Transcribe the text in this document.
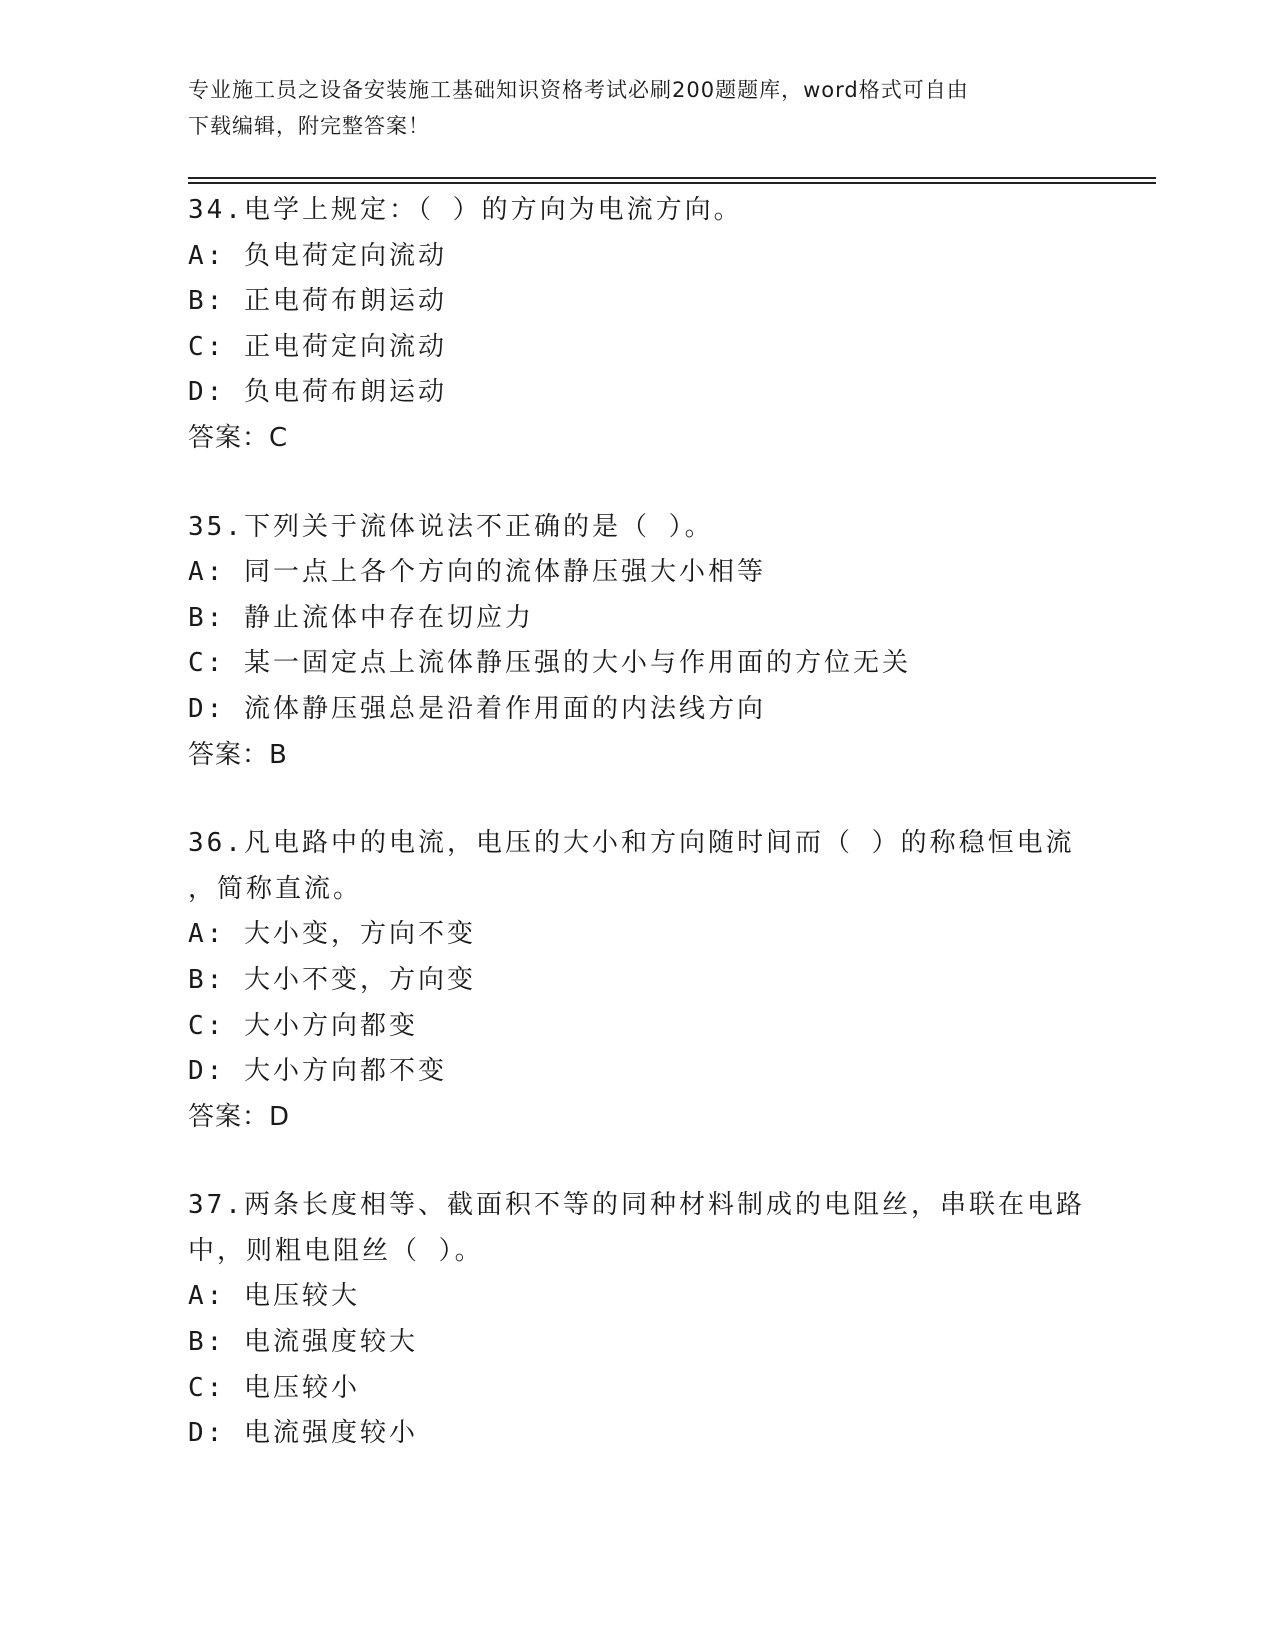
专业施工员之设备安装施工基础知识资格考试必刷200题题库，word格式可自由
下载编辑，附完整答案！
34.电学上规定：（ ）的方向为电流方向。
A: 负电荷定向流动
B: 正电荷布朗运动
C: 正电荷定向流动
D: 负电荷布朗运动
答案：C
35.下列关于流体说法不正确的是（ ）。
A: 同一点上各个方向的流体静压强大小相等
B: 静止流体中存在切应力
C: 某一固定点上流体静压强的大小与作用面的方位无关
D: 流体静压强总是沿着作用面的内法线方向
答案：B
36.凡电路中的电流，电压的大小和方向随时间而（ ）的称稳恒电流
，简称直流。
A: 大小变，方向不变
B: 大小不变，方向变
C: 大小方向都变
D: 大小方向都不变
答案：D
37.两条长度相等、截面积不等的同种材料制成的电阻丝，串联在电路
中，则粗电阻丝（ ）。
A: 电压较大
B: 电流强度较大
C: 电压较小
D: 电流强度较小
